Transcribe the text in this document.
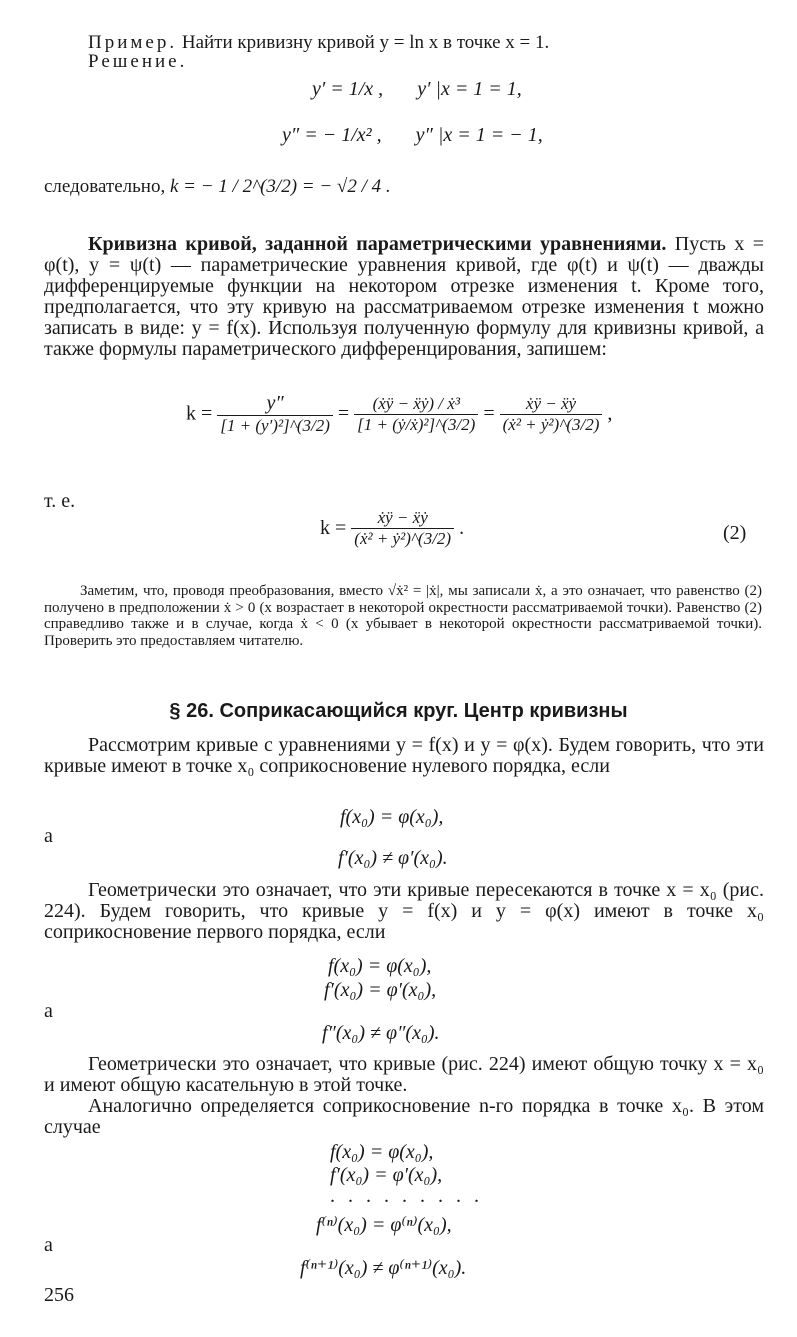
Пример. Найти кривизну кривой y = ln x в точке x = 1.
Решение.
y′ = 1/x , y′ |x = 1 = 1,
y″ = − 1/x² , y″ |x = 1 = − 1,
следовательно, k = − 1 / 2^(3/2) = − √2 / 4 .
Кривизна кривой, заданной параметрическими уравнениями. Пусть x = φ(t), y = ψ(t) — параметрические уравнения кривой, где φ(t) и ψ(t) — дважды дифференцируемые функции на некотором отрезке изменения t. Кроме того, предполагается, что эту кривую на рассматриваемом отрезке изменения t можно записать в виде: y = f(x). Используя полученную формулу для кривизны кривой, а также формулы параметрического дифференцирования, запишем:
$k = \frac{y''}{\text{[1 + (y′)²]\textasciicircum{}(3/2)}} = \frac{\text{(ẋÿ − ẍẏ) / ẋ³}}{\text{[1 + (ẏ/ẋ)²]\textasciicircum{}(3/2)}} = \frac{\text{ẋÿ − ẍẏ}}{\text{(ẋ² + ẏ²)\textasciicircum{}(3/2)}}$ ,
т. е.
$k = \frac{\text{ẋÿ − ẍẏ}}{\text{(ẋ² + ẏ²)\textasciicircum{}(3/2)}}$ .	(2)
Заметим, что, проводя преобразования, вместо √ẋ² = |ẋ|, мы записали ẋ, а это означает, что равенство (2) получено в предположении ẋ > 0 (x возрастает в некоторой окрестности рассматриваемой точки). Равенство (2) справедливо также и в случае, когда ẋ < 0 (x убывает в некоторой окрестности рассматриваемой точки). Проверить это предоставляем читателю.
§ 26. Соприкасающийся круг. Центр кривизны
Рассмотрим кривые с уравнениями y = f(x) и y = φ(x). Будем говорить, что эти кривые имеют в точке x₀ соприкосновение нулевого порядка, если
f(x₀) = φ(x₀),
а
f′(x₀) ≠ φ′(x₀).
Геометрически это означает, что эти кривые пересекаются в точке x = x₀ (рис. 224). Будем говорить, что кривые y = f(x) и y = φ(x) имеют в точке x₀ соприкосновение первого порядка, если
f(x₀) = φ(x₀),
f′(x₀) = φ′(x₀),
а
f″(x₀) ≠ φ″(x₀).
Геометрически это означает, что кривые (рис. 224) имеют общую точку x = x₀ и имеют общую касательную в этой точке.
Аналогично определяется соприкосновение n-го порядка в точке x₀. В этом случае
f(x₀) = φ(x₀),
f′(x₀) = φ′(x₀),
. . . . . . . . .
f⁽ⁿ⁾(x₀) = φ⁽ⁿ⁾(x₀),
а
f⁽ⁿ⁺¹⁾(x₀) ≠ φ⁽ⁿ⁺¹⁾(x₀).
256
